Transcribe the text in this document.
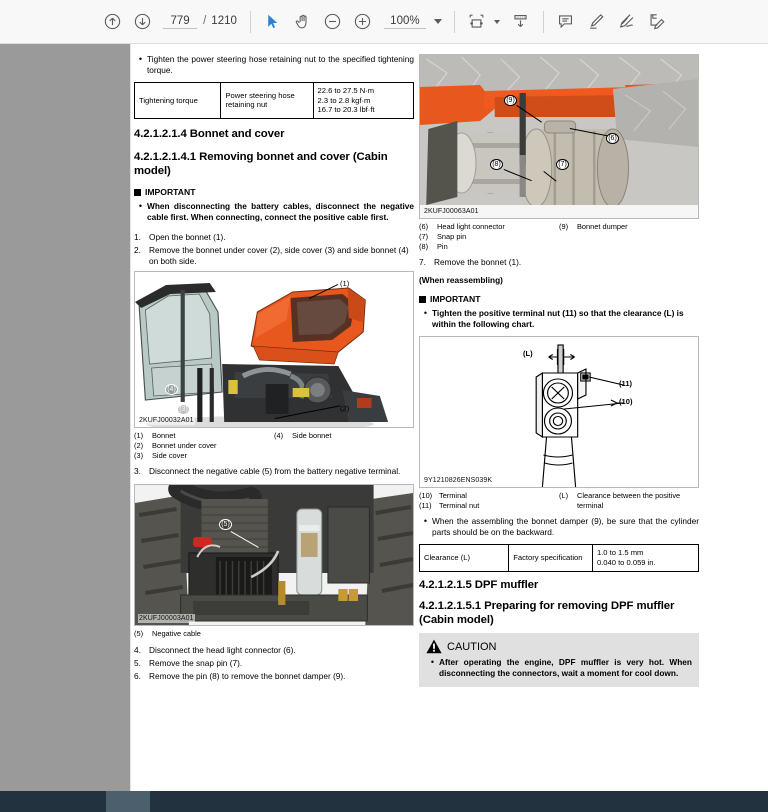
779	/ 1210	100%
• Tighten the power steering hose retaining nut to the specified tightening torque.
Tightening torque	Power steering hose retaining nut	
22.6 to 27.5 N·m
2.3 to 2.8 kgf·m
16.7 to 20.3 lbf·ft
4.2.1.2.1.4 Bonnet and cover
4.2.1.2.1.4.1 Removing bonnet and cover (Cabin model)
IMPORTANT
• When disconnecting the battery cables, disconnect the negative cable first. When connecting, connect the positive cable first.
1. Open the bonnet (1).
2. Remove the bonnet under cover (2), side cover (3) and side bonnet (4) on both side.
(1)
(2)
(3)
(4)
2KUFJ00032A01
(1)	Bonnet
(2)	Bonnet under cover
(3)	Side cover
(4)	Side bonnet
3. Disconnect the negative cable (5) from the battery negative terminal.
(5)
2KUFJ00003A01
(5)	Negative cable
4. Disconnect the head light connector (6).
5. Remove the snap pin (7).
6. Remove the pin (8) to remove the bonnet damper (9).
(9)
(6)
(8)	(7)
2KUFJ00063A01
(6)	Head light connector
(7)	Snap pin
(8)	Pin
(9)	Bonnet dumper
7. Remove the bonnet (1).
(When reassembling)
IMPORTANT
• Tighten the positive terminal nut (11) so that the clearance (L) is within the following chart.
(L)
(11)
(10)
9Y1210826ENS039K
(10) Terminal
(11)	Terminal nut
(L)	Clearance between the positive terminal
• When the assembling the bonnet damper (9), be sure that the cylinder parts should be on the backward.
Clearance (L)	Factory specification	
1.0 to 1.5 mm
0.040 to 0.059 in.
4.2.1.2.1.5 DPF muffler
4.2.1.2.1.5.1 Preparing for removing DPF muffler (Cabin model)
CAUTION
• After operating the engine, DPF muffler is very hot. When disconnecting the connectors, wait a moment for cool down.
